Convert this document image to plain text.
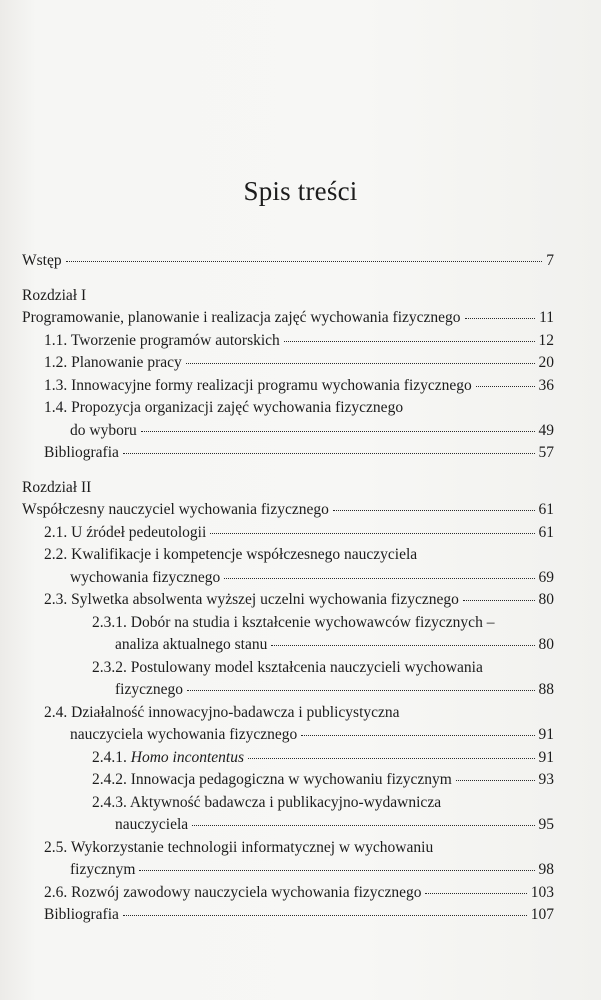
Spis treści
Wstęp	7
Rozdział I
Programowanie, planowanie i realizacja zajęć wychowania fizycznego	11
1.1. Tworzenie programów autorskich	12
1.2. Planowanie pracy	20
1.3. Innowacyjne formy realizacji programu wychowania fizycznego	36
1.4. Propozycja organizacji zajęć wychowania fizycznego
do wyboru	49
Bibliografia	57
Rozdział II
Współczesny nauczyciel wychowania fizycznego	61
2.1. U źródeł pedeutologii	61
2.2. Kwalifikacje i kompetencje współczesnego nauczyciela
wychowania fizycznego	69
2.3. Sylwetka absolwenta wyższej uczelni wychowania fizycznego	80
2.3.1. Dobór na studia i kształcenie wychowawców fizycznych –
analiza aktualnego stanu	80
2.3.2. Postulowany model kształcenia nauczycieli wychowania
fizycznego	88
2.4. Działalność innowacyjno-badawcza i publicystyczna
nauczyciela wychowania fizycznego	91
2.4.1. Homo incontentus	91
2.4.2. Innowacja pedagogiczna w wychowaniu fizycznym	93
2.4.3. Aktywność badawcza i publikacyjno-wydawnicza
nauczyciela	95
2.5. Wykorzystanie technologii informatycznej w wychowaniu
fizycznym	98
2.6. Rozwój zawodowy nauczyciela wychowania fizycznego	103
Bibliografia	107
